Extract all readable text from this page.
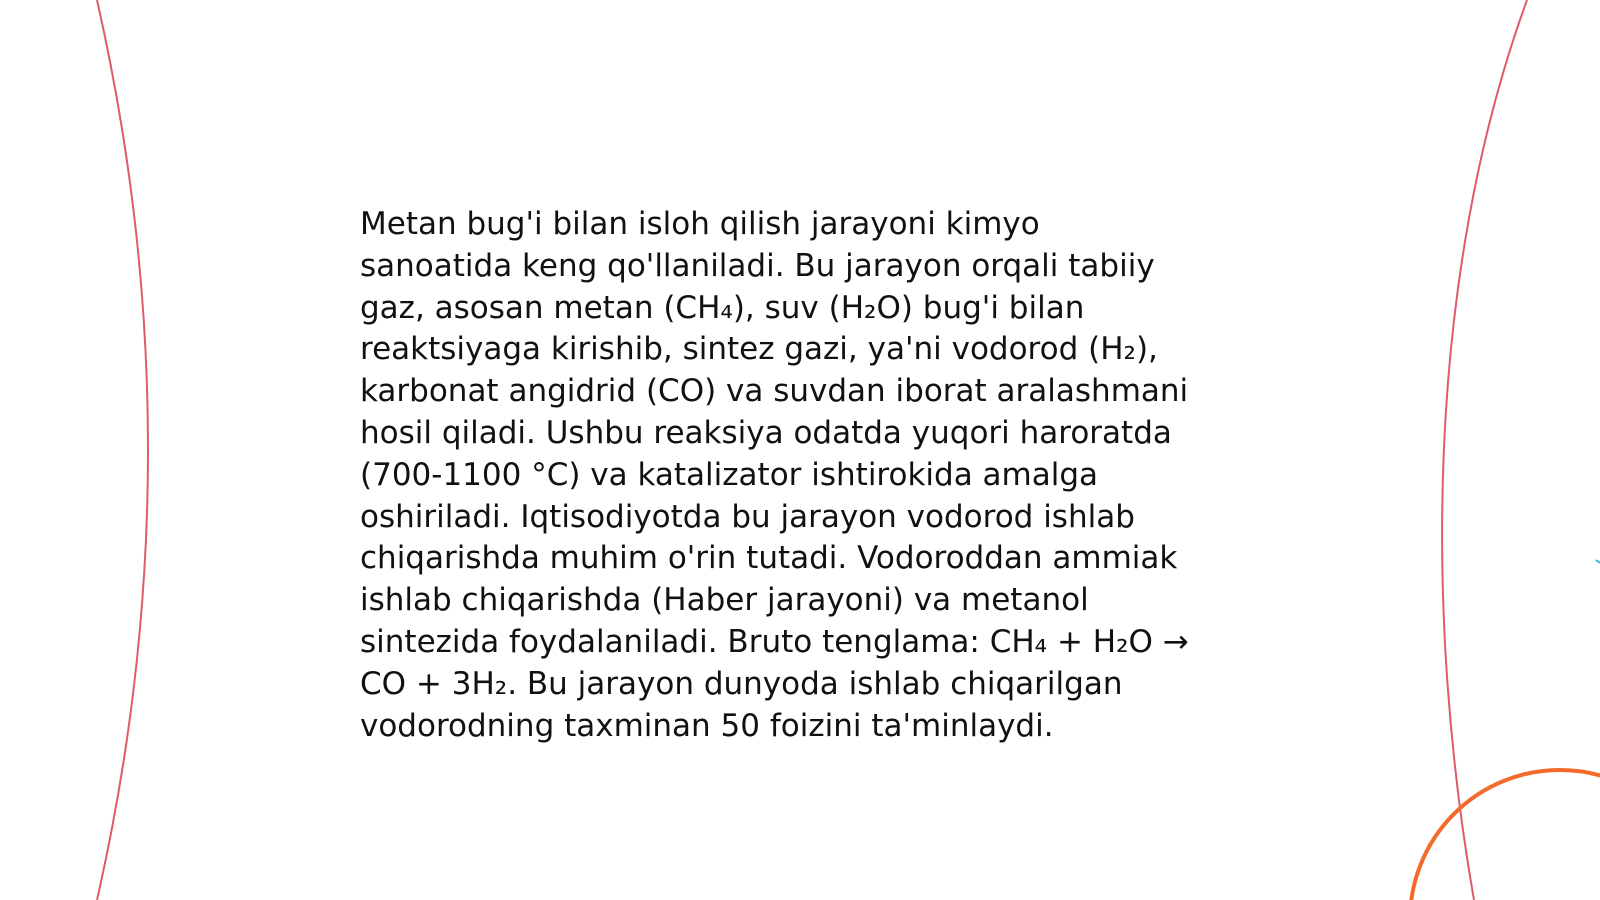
Metan bug'i bilan isloh qilish jarayoni kimyo
sanoatida keng qo'llaniladi. Bu jarayon orqali tabiiy
gaz, asosan metan (CH₄), suv (H₂O) bug'i bilan
reaktsiyaga kirishib, sintez gazi, ya'ni vodorod (H₂),
karbonat angidrid (CO) va suvdan iborat aralashmani
hosil qiladi. Ushbu reaksiya odatda yuqori haroratda
(700-1100 °C) va katalizator ishtirokida amalga
oshiriladi. Iqtisodiyotda bu jarayon vodorod ishlab
chiqarishda muhim o'rin tutadi. Vodoroddan ammiak
ishlab chiqarishda (Haber jarayoni) va metanol
sintezida foydalaniladi. Bruto tenglama: CH₄ + H₂O →
CO + 3H₂. Bu jarayon dunyoda ishlab chiqarilgan
vodorodning taxminan 50 foizini ta'minlaydi.
